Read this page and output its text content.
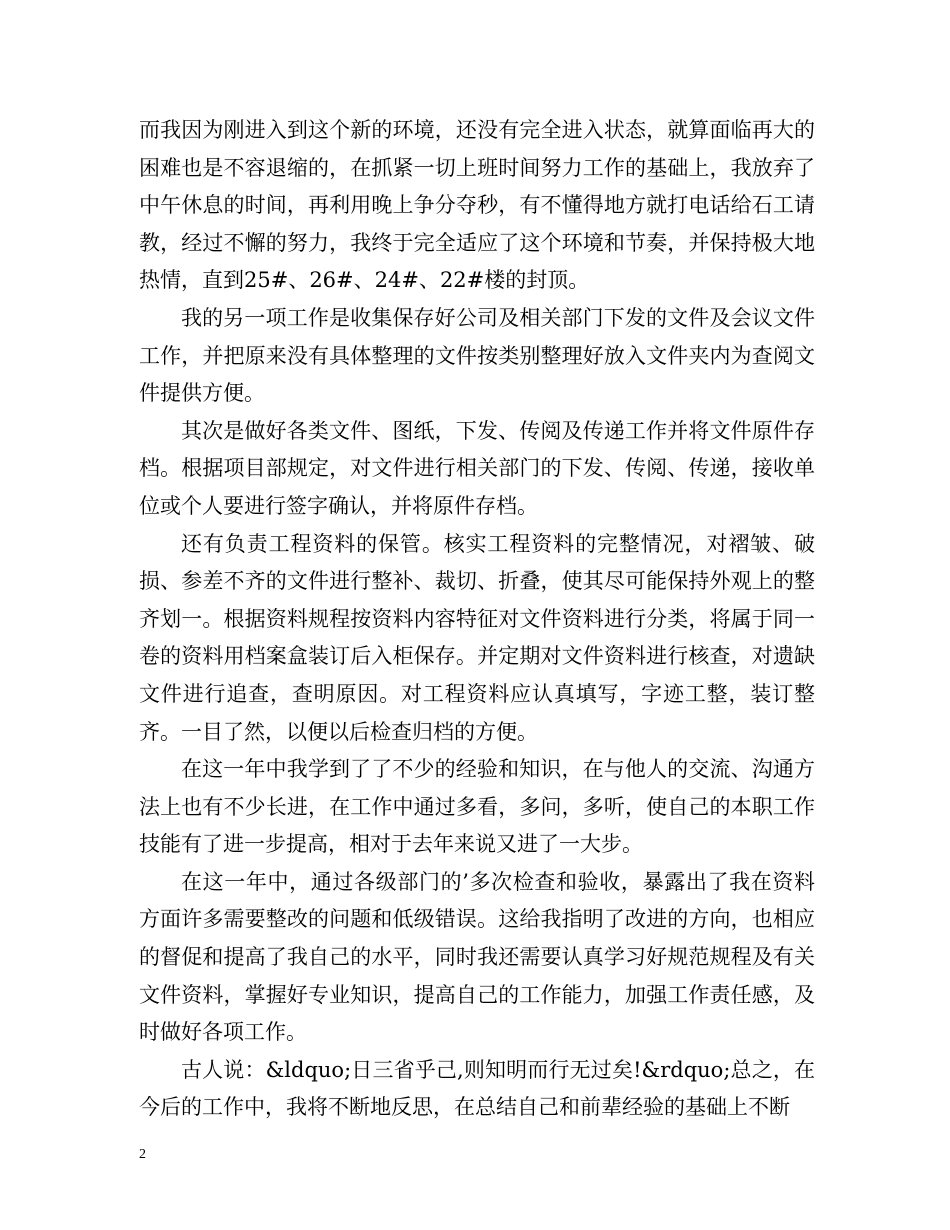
而我因为刚进入到这个新的环境，还没有完全进入状态，就算面临再大的困难也是不容退缩的，在抓紧一切上班时间努力工作的基础上，我放弃了中午休息的时间，再利用晚上争分夺秒，有不懂得地方就打电话给石工请教，经过不懈的努力，我终于完全适应了这个环境和节奏，并保持极大地热情，直到25#、26#、24#、22#楼的封顶。

我的另一项工作是收集保存好公司及相关部门下发的文件及会议文件工作，并把原来没有具体整理的文件按类别整理好放入文件夹内为查阅文件提供方便。

其次是做好各类文件、图纸，下发、传阅及传递工作并将文件原件存档。根据项目部规定，对文件进行相关部门的下发、传阅、传递，接收单位或个人要进行签字确认，并将原件存档。

还有负责工程资料的保管。核实工程资料的完整情况，对褶皱、破损、参差不齐的文件进行整补、裁切、折叠，使其尽可能保持外观上的整齐划一。根据资料规程按资料内容特征对文件资料进行分类，将属于同一卷的资料用档案盒装订后入柜保存。并定期对文件资料进行核查，对遗缺文件进行追查，查明原因。对工程资料应认真填写，字迹工整，装订整齐。一目了然，以便以后检查归档的方便。

在这一年中我学到了了不少的经验和知识，在与他人的交流、沟通方法上也有不少长进，在工作中通过多看，多问，多听，使自己的本职工作技能有了进一步提高，相对于去年来说又进了一大步。

在这一年中，通过各级部门的’多次检查和验收，暴露出了我在资料方面许多需要整改的问题和低级错误。这给我指明了改进的方向，也相应的督促和提高了我自己的水平，同时我还需要认真学习好规范规程及有关文件资料，掌握好专业知识，提高自己的工作能力，加强工作责任感，及时做好各项工作。

古人说：&ldquo;日三省乎己,则知明而行无过矣!&rdquo;总之，在今后的工作中，我将不断地反思，在总结自己和前辈经验的基础上不断

2
